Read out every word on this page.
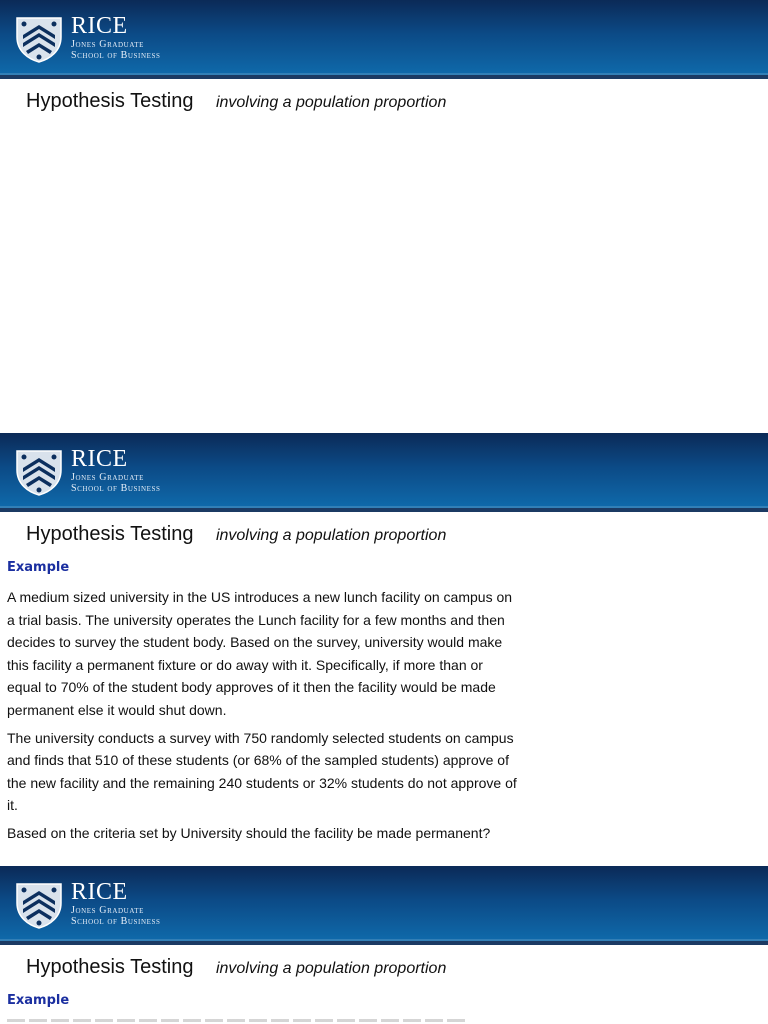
RICE
Jones Graduate
School of Business
Hypothesis Testing involving a population proportion
RICE
Jones Graduate
School of Business
Hypothesis Testing involving a population proportion
Example

A medium sized university in the US introduces a new lunch facility on campus on a trial basis. The university operates the Lunch facility for a few months and then decides to survey the student body. Based on the survey, university would make this facility a permanent fixture or do away with it. Specifically, if more than or equal to 70% of the student body approves of it then the facility would be made permanent else it would shut down.

The university conducts a survey with 750 randomly selected students on campus and finds that 510 of these students (or 68% of the sampled students) approve of the new facility and the remaining 240 students or 32% students do not approve of it.

Based on the criteria set by University should the facility be made permanent?

RICE
Jones Graduate
School of Business
Hypothesis Testing involving a population proportion
Example
